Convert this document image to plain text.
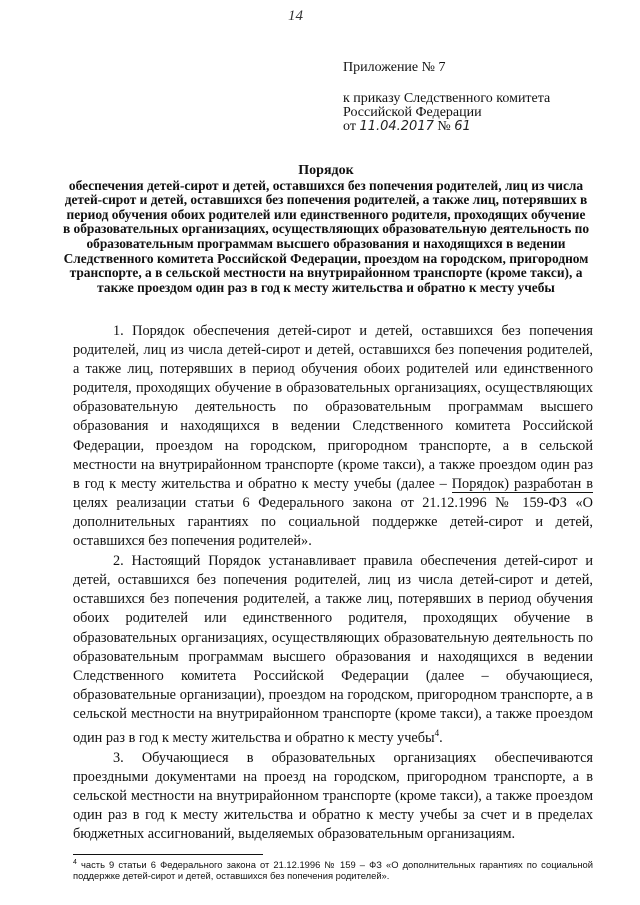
14
Приложение № 7
к приказу Следственного комитета
Российской Федерации
от 11.04.2017 № 61
Порядок
обеспечения детей-сирот и детей, оставшихся без попечения родителей, лиц из числа детей-сирот и детей, оставшихся без попечения родителей, а также лиц, потерявших в период обучения обоих родителей или единственного родителя, проходящих обучение в образовательных организациях, осуществляющих образовательную деятельность по образовательным программам высшего образования и находящихся в ведении Следственного комитета Российской Федерации, проездом на городском, пригородном транспорте, а в сельской местности на внутрирайонном транспорте (кроме такси), а также проездом один раз в год к месту жительства и обратно к месту учебы

1. Порядок обеспечения детей-сирот и детей, оставшихся без попечения родителей, лиц из числа детей-сирот и детей, оставшихся без попечения родителей, а также лиц, потерявших в период обучения обоих родителей или единственного родителя, проходящих обучение в образовательных организациях, осуществляющих образовательную деятельность по образовательным программам высшего образования и находящихся в ведении Следственного комитета Российской Федерации, проездом на городском, пригородном транспорте, а в сельской местности на внутрирайонном транспорте (кроме такси), а также проездом один раз в год к месту жительства и обратно к месту учебы (далее – Порядок) разработан в целях реализации статьи 6 Федерального закона от 21.12.1996 № 159-ФЗ «О дополнительных гарантиях по социальной поддержке детей-сирот и детей, оставшихся без попечения родителей».

2. Настоящий Порядок устанавливает правила обеспечения детей-сирот и детей, оставшихся без попечения родителей, лиц из числа детей-сирот и детей, оставшихся без попечения родителей, а также лиц, потерявших в период обучения обоих родителей или единственного родителя, проходящих обучение в образовательных организациях, осуществляющих образовательную деятельность по образовательным программам высшего образования и находящихся в ведении Следственного комитета Российской Федерации (далее – обучающиеся, образовательные организации), проездом на городском, пригородном транспорте, а в сельской местности на внутрирайонном транспорте (кроме такси), а также проездом один раз в год к месту жительства и обратно к месту учебы$^4$.

3. Обучающиеся в образовательных организациях обеспечиваются проездными документами на проезд на городском, пригородном транспорте, а в сельской местности на внутрирайонном транспорте (кроме такси), а также проездом один раз в год к месту жительства и обратно к месту учебы за счет и в пределах бюджетных ассигнований, выделяемых образовательным организациям.

$^4$ часть 9 статьи 6 Федерального закона от 21.12.1996 № 159 – ФЗ «О дополнительных гарантиях по социальной поддержке детей-сирот и детей, оставшихся без попечения родителей».
